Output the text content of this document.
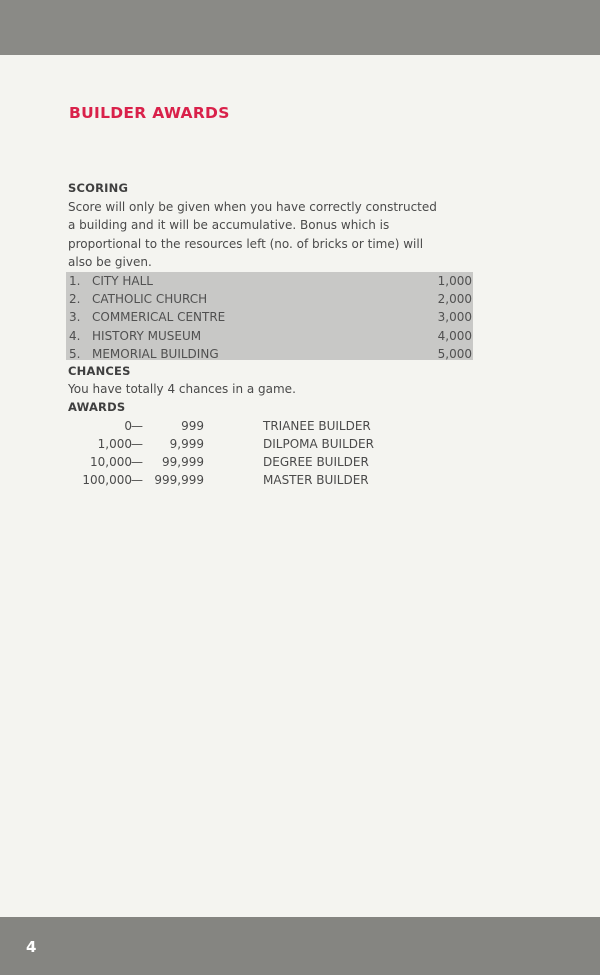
BUILDER AWARDS
SCORING
Score will only be given when you have correctly constructed
a building and it will be accumulative. Bonus which is
proportional to the resources left (no. of bricks or time) will
also be given.
1. CITY HALL	1,000
2. CATHOLIC CHURCH	2,000
3. COMMERICAL CENTRE	3,000
4. HISTORY MUSEUM	4,000
5. MEMORIAL BUILDING	5,000
CHANCES
You have totally 4 chances in a game.
AWARDS
0 —	999	TRIANEE BUILDER
1,000 — 9,999	DILPOMA BUILDER
10,000 — 99,999	DEGREE BUILDER
100,000 — 999,999	MASTER BUILDER
4
